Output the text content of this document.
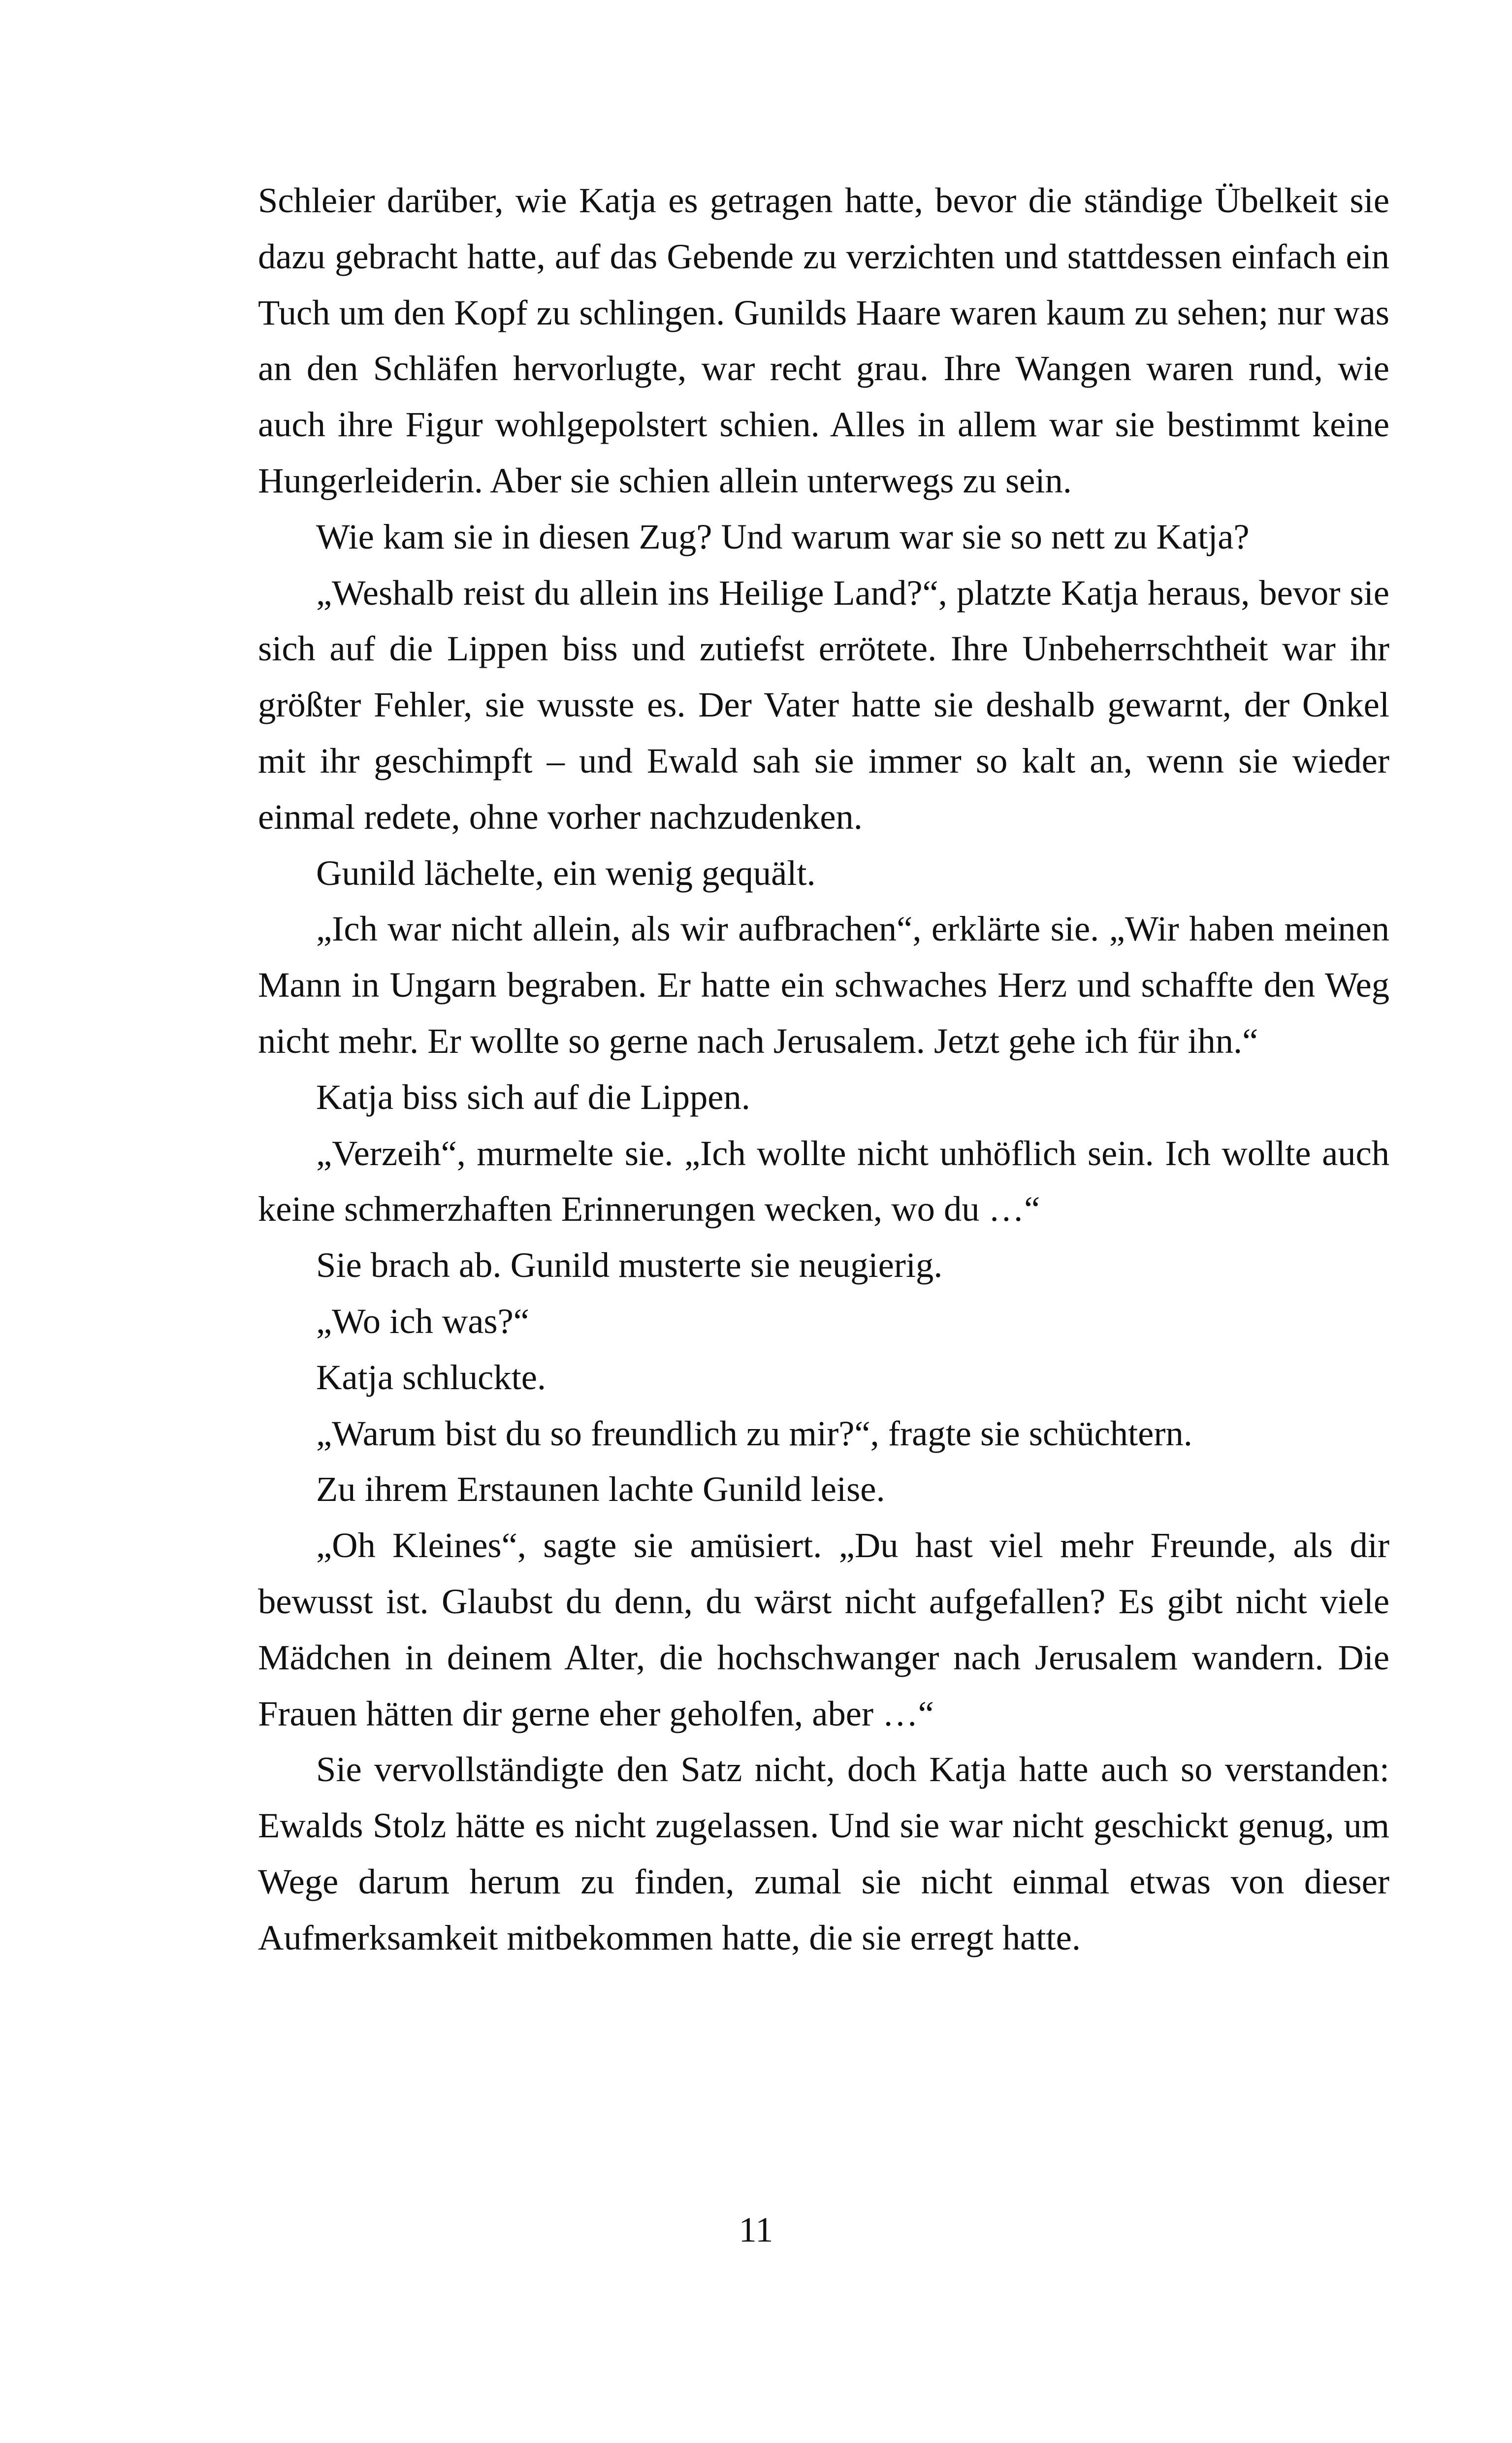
Schleier darüber, wie Katja es getragen hatte, bevor die ständige Übelkeit sie dazu gebracht hatte, auf das Gebende zu verzichten und stattdessen einfach ein Tuch um den Kopf zu schlingen. Gunilds Haare waren kaum zu sehen; nur was an den Schläfen hervorlugte, war recht grau. Ihre Wangen waren rund, wie auch ihre Figur wohlgepolstert schien. Alles in allem war sie bestimmt keine Hungerleiderin. Aber sie schien allein unterwegs zu sein.

Wie kam sie in diesen Zug? Und warum war sie so nett zu Katja?

„Weshalb reist du allein ins Heilige Land?“, platzte Katja heraus, bevor sie sich auf die Lippen biss und zutiefst errötete. Ihre Unbeherrschtheit war ihr größter Fehler, sie wusste es. Der Vater hatte sie deshalb gewarnt, der Onkel mit ihr geschimpft – und Ewald sah sie immer so kalt an, wenn sie wieder einmal redete, ohne vorher nachzudenken.

Gunild lächelte, ein wenig gequält.

„Ich war nicht allein, als wir aufbrachen“, erklärte sie. „Wir haben meinen Mann in Ungarn begraben. Er hatte ein schwaches Herz und schaffte den Weg nicht mehr. Er wollte so gerne nach Jerusalem. Jetzt gehe ich für ihn.“

Katja biss sich auf die Lippen.

„Verzeih“, murmelte sie. „Ich wollte nicht unhöflich sein. Ich wollte auch keine schmerzhaften Erinnerungen wecken, wo du …“

Sie brach ab. Gunild musterte sie neugierig.

„Wo ich was?“

Katja schluckte.

„Warum bist du so freundlich zu mir?“, fragte sie schüchtern.

Zu ihrem Erstaunen lachte Gunild leise.

„Oh Kleines“, sagte sie amüsiert. „Du hast viel mehr Freunde, als dir bewusst ist. Glaubst du denn, du wärst nicht aufgefallen? Es gibt nicht viele Mädchen in deinem Alter, die hochschwanger nach Jerusalem wandern. Die Frauen hätten dir gerne eher geholfen, aber …“

Sie vervollständigte den Satz nicht, doch Katja hatte auch so verstanden: Ewalds Stolz hätte es nicht zugelassen. Und sie war nicht geschickt genug, um Wege darum herum zu finden, zumal sie nicht einmal etwas von dieser Aufmerksamkeit mitbekommen hatte, die sie erregt hatte.

11
